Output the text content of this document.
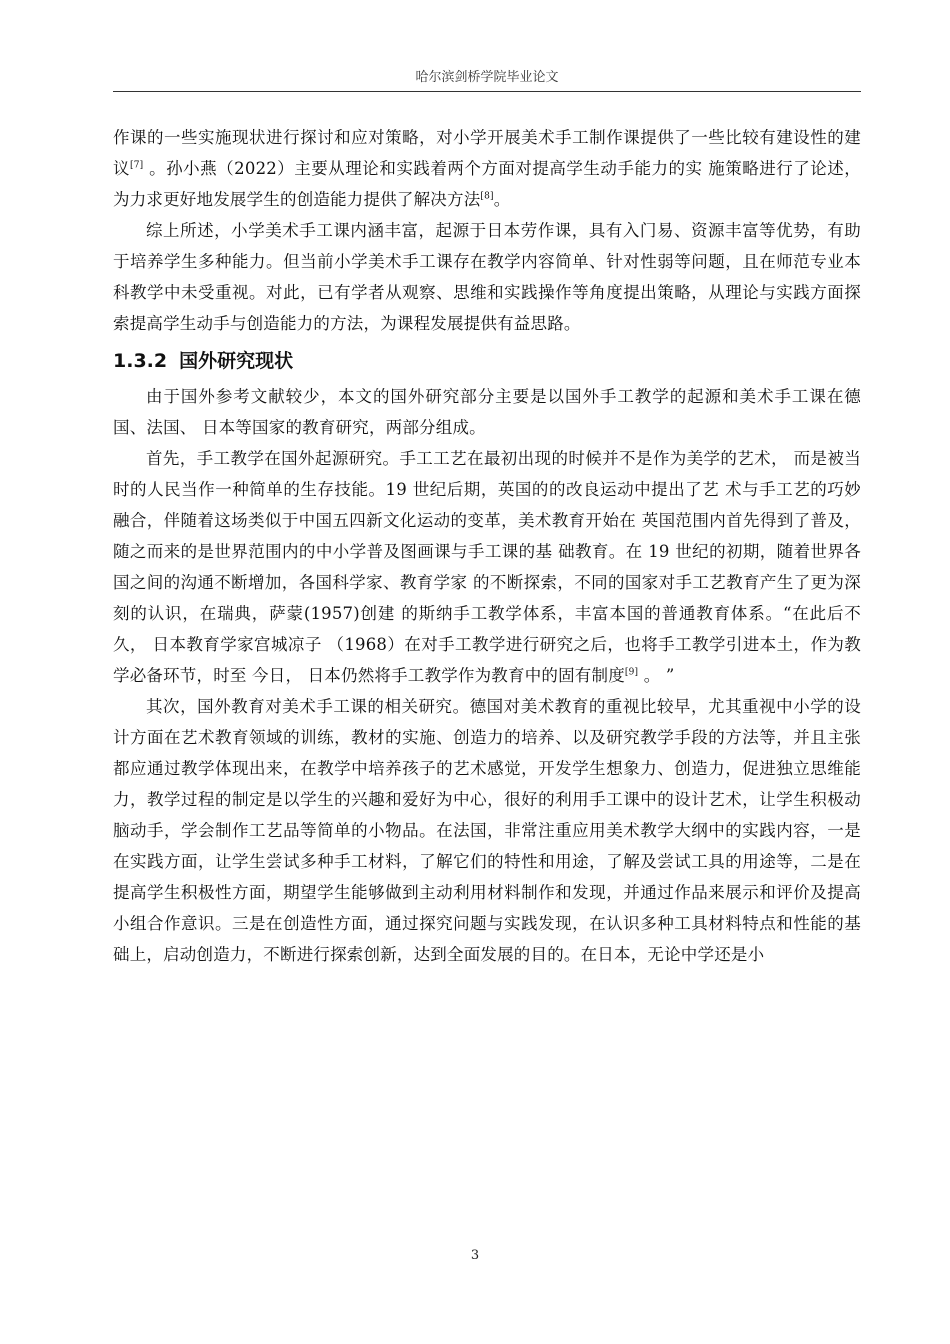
哈尔滨剑桥学院毕业论文

作课的一些实施现状进行探讨和应对策略，对小学开展美术手工制作课提供了一些比较有建设性的建议[7] 。孙小燕（2022）主要从理论和实践着两个方面对提高学生动手能力的实 施策略进行了论述，为力求更好地发展学生的创造能力提供了解决方法[8]。

综上所述，小学美术手工课内涵丰富，起源于日本劳作课，具有入门易、资源丰富等优势，有助于培养学生多种能力。但当前小学美术手工课存在教学内容简单、针对性弱等问题，且在师范专业本科教学中未受重视。对此，已有学者从观察、思维和实践操作等角度提出策略，从理论与实践方面探索提高学生动手与创造能力的方法，为课程发展提供有益思路。

1.3.2 国外研究现状

由于国外参考文献较少，本文的国外研究部分主要是以国外手工教学的起源和美术手工课在德国、法国、 日本等国家的教育研究，两部分组成。

首先，手工教学在国外起源研究。手工工艺在最初出现的时候并不是作为美学的艺术， 而是被当时的人民当作一种简单的生存技能。19 世纪后期，英国的的改良运动中提出了艺 术与手工艺的巧妙融合，伴随着这场类似于中国五四新文化运动的变革，美术教育开始在 英国范围内首先得到了普及，随之而来的是世界范围内的中小学普及图画课与手工课的基 础教育。在 19 世纪的初期，随着世界各国之间的沟通不断增加，各国科学家、教育学家 的不断探索，不同的国家对手工艺教育产生了更为深刻的认识，在瑞典，萨蒙(1957)创建 的斯纳手工教学体系，丰富本国的普通教育体系。“在此后不久， 日本教育学家宫城凉子 （1968）在对手工教学进行研究之后，也将手工教学引进本土，作为教学必备环节，时至 今日， 日本仍然将手工教学作为教育中的固有制度[9] 。 ”

其次，国外教育对美术手工课的相关研究。德国对美术教育的重视比较早，尤其重视中小学的设计方面在艺术教育领域的训练，教材的实施、创造力的培养、以及研究教学手段的方法等，并且主张都应通过教学体现出来，在教学中培养孩子的艺术感觉，开发学生想象力、创造力，促进独立思维能力，教学过程的制定是以学生的兴趣和爱好为中心，很好的利用手工课中的设计艺术，让学生积极动脑动手，学会制作工艺品等简单的小物品。在法国，非常注重应用美术教学大纲中的实践内容，一是在实践方面，让学生尝试多种手工材料，了解它们的特性和用途，了解及尝试工具的用途等，二是在提高学生积极性方面，期望学生能够做到主动利用材料制作和发现，并通过作品来展示和评价及提高小组合作意识。三是在创造性方面，通过探究问题与实践发现，在认识多种工具材料特点和性能的基础上，启动创造力，不断进行探索创新，达到全面发展的目的。在日本，无论中学还是小

3
